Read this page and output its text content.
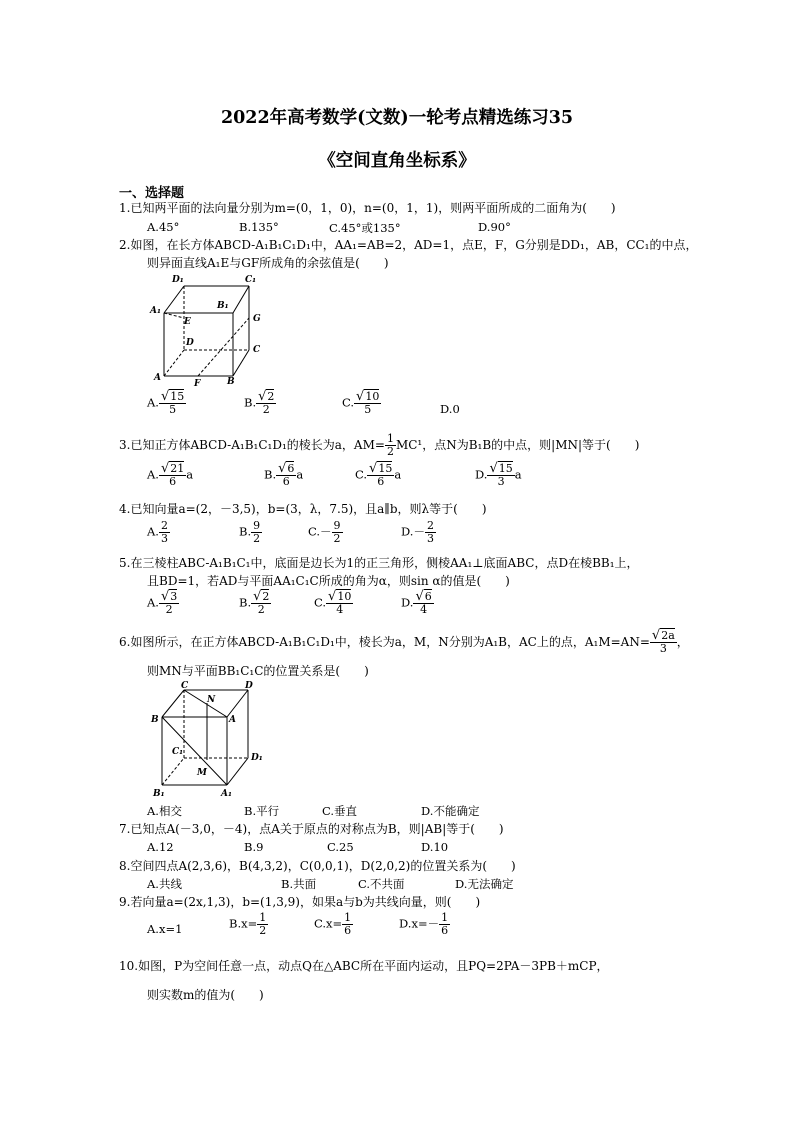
2022年高考数学(文数)一轮考点精选练习35
《空间直角坐标系》
一、选择题
1.已知两平面的法向量分别为m=(0，1，0)，n=(0，1，1)，则两平面所成的二面角为(　　)
A.45°	B.135°	C.45°或135°	D.90°
2.如图，在长方体ABCD-A₁B₁C₁D₁中，AA₁=AB=2，AD=1，点E，F，G分别是DD₁，AB，CC₁的中点，
则异面直线A₁E与GF所成角的余弦值是(　　)
D₁	C₁
A₁	B₁
E	G
D
C
A
F	B
A. $\frac{√15}{5}$	B. $\frac{√2}{2}$	C. $\frac{√10}{5}$	D.0
3.已知正方体ABCD-A₁B₁C₁D₁的棱长为a，$AM= \frac{1}{2} MC^1$，点N为B₁B的中点，则|MN|等于(　　)
A. $\frac{√21}{6}$ a	B. $\frac{√6}{6}$ a	C. $\frac{√15}{6}$ a	D. $\frac{√15}{3}$ a
4.已知向量a=(2，－3,5)，b=(3，λ，7.5)，且a∥b，则λ等于(　　)
A. $\frac{2}{3}$	B. $\frac{9}{2}$	$C.- \frac{9}{2}$	$D.- \frac{2}{3}$
5.在三棱柱ABC-A₁B₁C₁中，底面是边长为1的正三角形，侧棱AA₁⊥底面ABC，点D在棱BB₁上，
且BD=1，若AD与平面AA₁C₁C所成的角为α，则sin α的值是(　　)
A. $\frac{√3}{2}$	B. $\frac{√2}{2}$	C. $\frac{√10}{4}$	D. $\frac{√6}{4}$
6.如图所示，在正方体ABCD-A₁B₁C₁D₁中，棱长为a，M，N分别为A₁B，AC上的点，$A_1M=AN= \frac{√2a}{3}$ ，
则MN与平面BB₁C₁C的位置关系是(　　)
C	D
B
N
A
C₁
D₁
M
B₁	A₁
A.相交	B.平行	C.垂直	D.不能确定
7.已知点A(－3,0，－4)，点A关于原点的对称点为B，则|AB|等于(　　)
A.12	B.9	C.25	D.10
8.空间四点A(2,3,6)，B(4,3,2)，C(0,0,1)，D(2,0,2)的位置关系为(　　)
A.共线	B.共面	C.不共面	D.无法确定
9.若向量a=(2x,1,3)，b=(1,3,9)，如果a与b为共线向量，则(　　)
A.x=1	$B.x= \frac{1}{2}$	$C.x= \frac{1}{6}$	$D.x=- \frac{1}{6}$
10.如图，P为空间任意一点，动点Q在△ABC所在平面内运动，且PQ=2PA－3PB＋mCP，
则实数m的值为(　　)
